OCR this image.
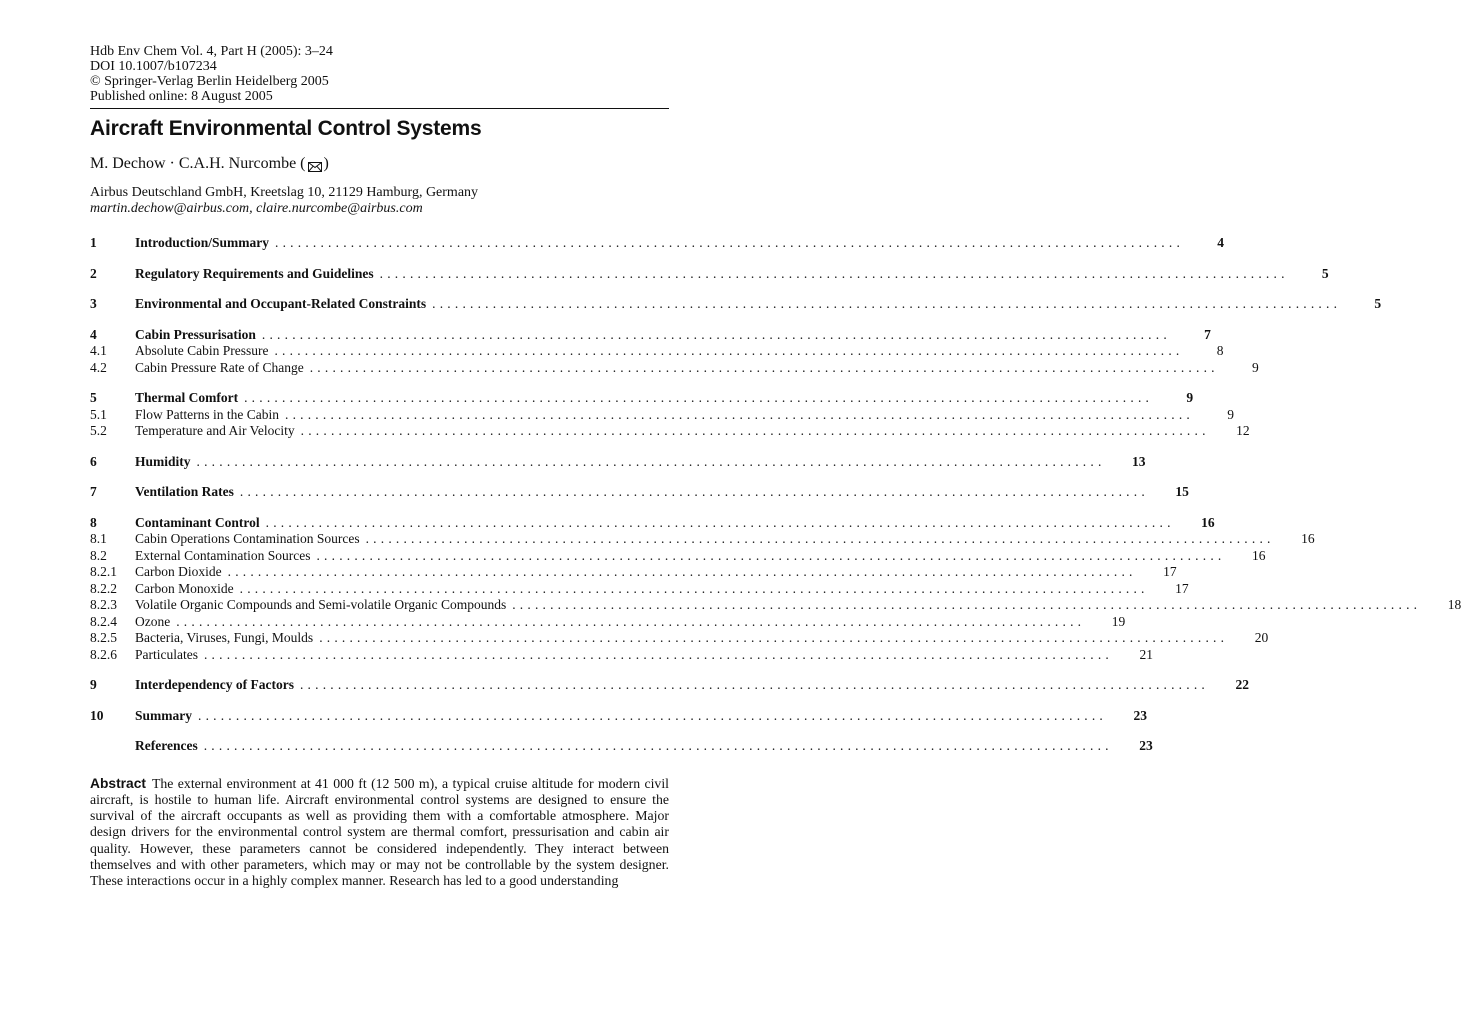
Hdb Env Chem Vol. 4, Part H (2005): 3–24
DOI 10.1007/b107234
© Springer-Verlag Berlin Heidelberg 2005
Published online: 8 August 2005
Aircraft Environmental Control Systems
M. Dechow · C.A.H. Nurcombe ( )
Airbus Deutschland GmbH, Kreetslag 10, 21129 Hamburg, Germany
martin.dechow@airbus.com, claire.nurcombe@airbus.com
1	Introduction/Summary ........................................................................................................................	4
2	Regulatory Requirements and Guidelines ........................................................................................................................	5
3	Environmental and Occupant-Related Constraints ........................................................................................................................	5
4	Cabin Pressurisation ........................................................................................................................	7
4.1	Absolute Cabin Pressure ........................................................................................................................	8
4.2	Cabin Pressure Rate of Change ........................................................................................................................	9
5	Thermal Comfort ........................................................................................................................	9
5.1	Flow Patterns in the Cabin ........................................................................................................................	9
5.2	Temperature and Air Velocity ........................................................................................................................	12
6	Humidity ........................................................................................................................	13
7	Ventilation Rates ........................................................................................................................	15
8	Contaminant Control ........................................................................................................................	16
8.1	Cabin Operations Contamination Sources ........................................................................................................................	16
8.2	External Contamination Sources ........................................................................................................................	16
8.2.1	Carbon Dioxide ........................................................................................................................	17
8.2.2	Carbon Monoxide ........................................................................................................................	17
8.2.3	Volatile Organic Compounds and Semi-volatile Organic Compounds ........................................................................................................................	18
8.2.4	Ozone ........................................................................................................................	19
8.2.5	Bacteria, Viruses, Fungi, Moulds ........................................................................................................................	20
8.2.6	Particulates ........................................................................................................................	21
9	Interdependency of Factors ........................................................................................................................	22
10	Summary ........................................................................................................................	23
References ........................................................................................................................	23
Abstract The external environment at 41 000 ft (12 500 m), a typical cruise altitude for modern civil aircraft, is hostile to human life. Aircraft environmental control systems are designed to ensure the survival of the aircraft occupants as well as providing them with a comfortable atmosphere. Major design drivers for the environmental control system are thermal comfort, pressurisation and cabin air quality. However, these parameters cannot be considered independently. They interact between themselves and with other parameters, which may or may not be controllable by the system designer. These interactions occur in a highly complex manner. Research has led to a good understanding
